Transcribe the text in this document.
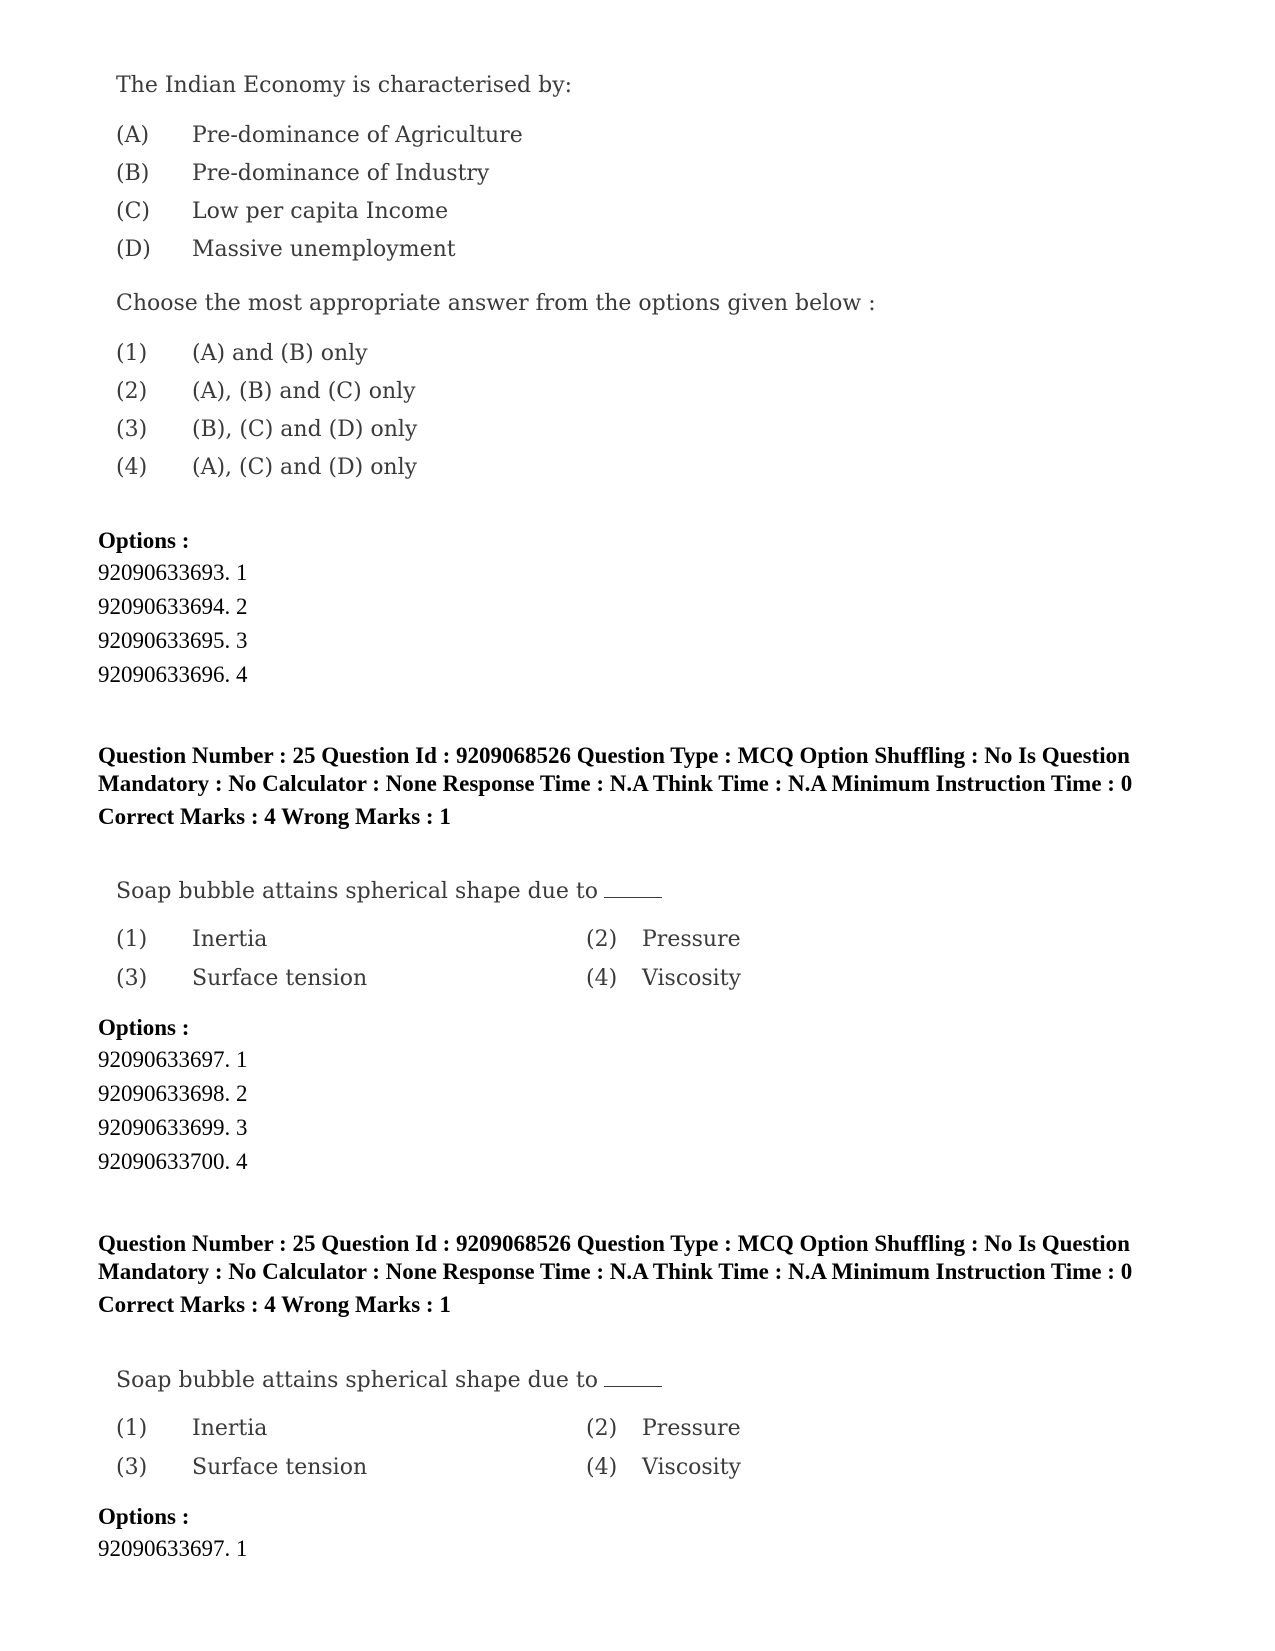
The Indian Economy is characterised by:
(A)	Pre-dominance of Agriculture
(B)	Pre-dominance of Industry
(C)	Low per capita Income
(D)	Massive unemployment
Choose the most appropriate answer from the options given below :
(1)	(A) and (B) only
(2)	(A), (B) and (C) only
(3)	(B), (C) and (D) only
(4)	(A), (C) and (D) only
Options :
92090633693. 1
92090633694. 2
92090633695. 3
92090633696. 4
Question Number : 25 Question Id : 9209068526 Question Type : MCQ Option Shuffling : No Is Question Mandatory : No Calculator : None Response Time : N.A Think Time : N.A Minimum Instruction Time : 0
Correct Marks : 4 Wrong Marks : 1
Soap bubble attains spherical shape due to
(1)	Inertia	(2)	Pressure
(3)	Surface tension	(4)	Viscosity
Options :
92090633697. 1
92090633698. 2
92090633699. 3
92090633700. 4
Question Number : 25 Question Id : 9209068526 Question Type : MCQ Option Shuffling : No Is Question Mandatory : No Calculator : None Response Time : N.A Think Time : N.A Minimum Instruction Time : 0
Correct Marks : 4 Wrong Marks : 1
Soap bubble attains spherical shape due to
(1)	Inertia	(2)	Pressure
(3)	Surface tension	(4)	Viscosity
Options :
92090633697. 1
